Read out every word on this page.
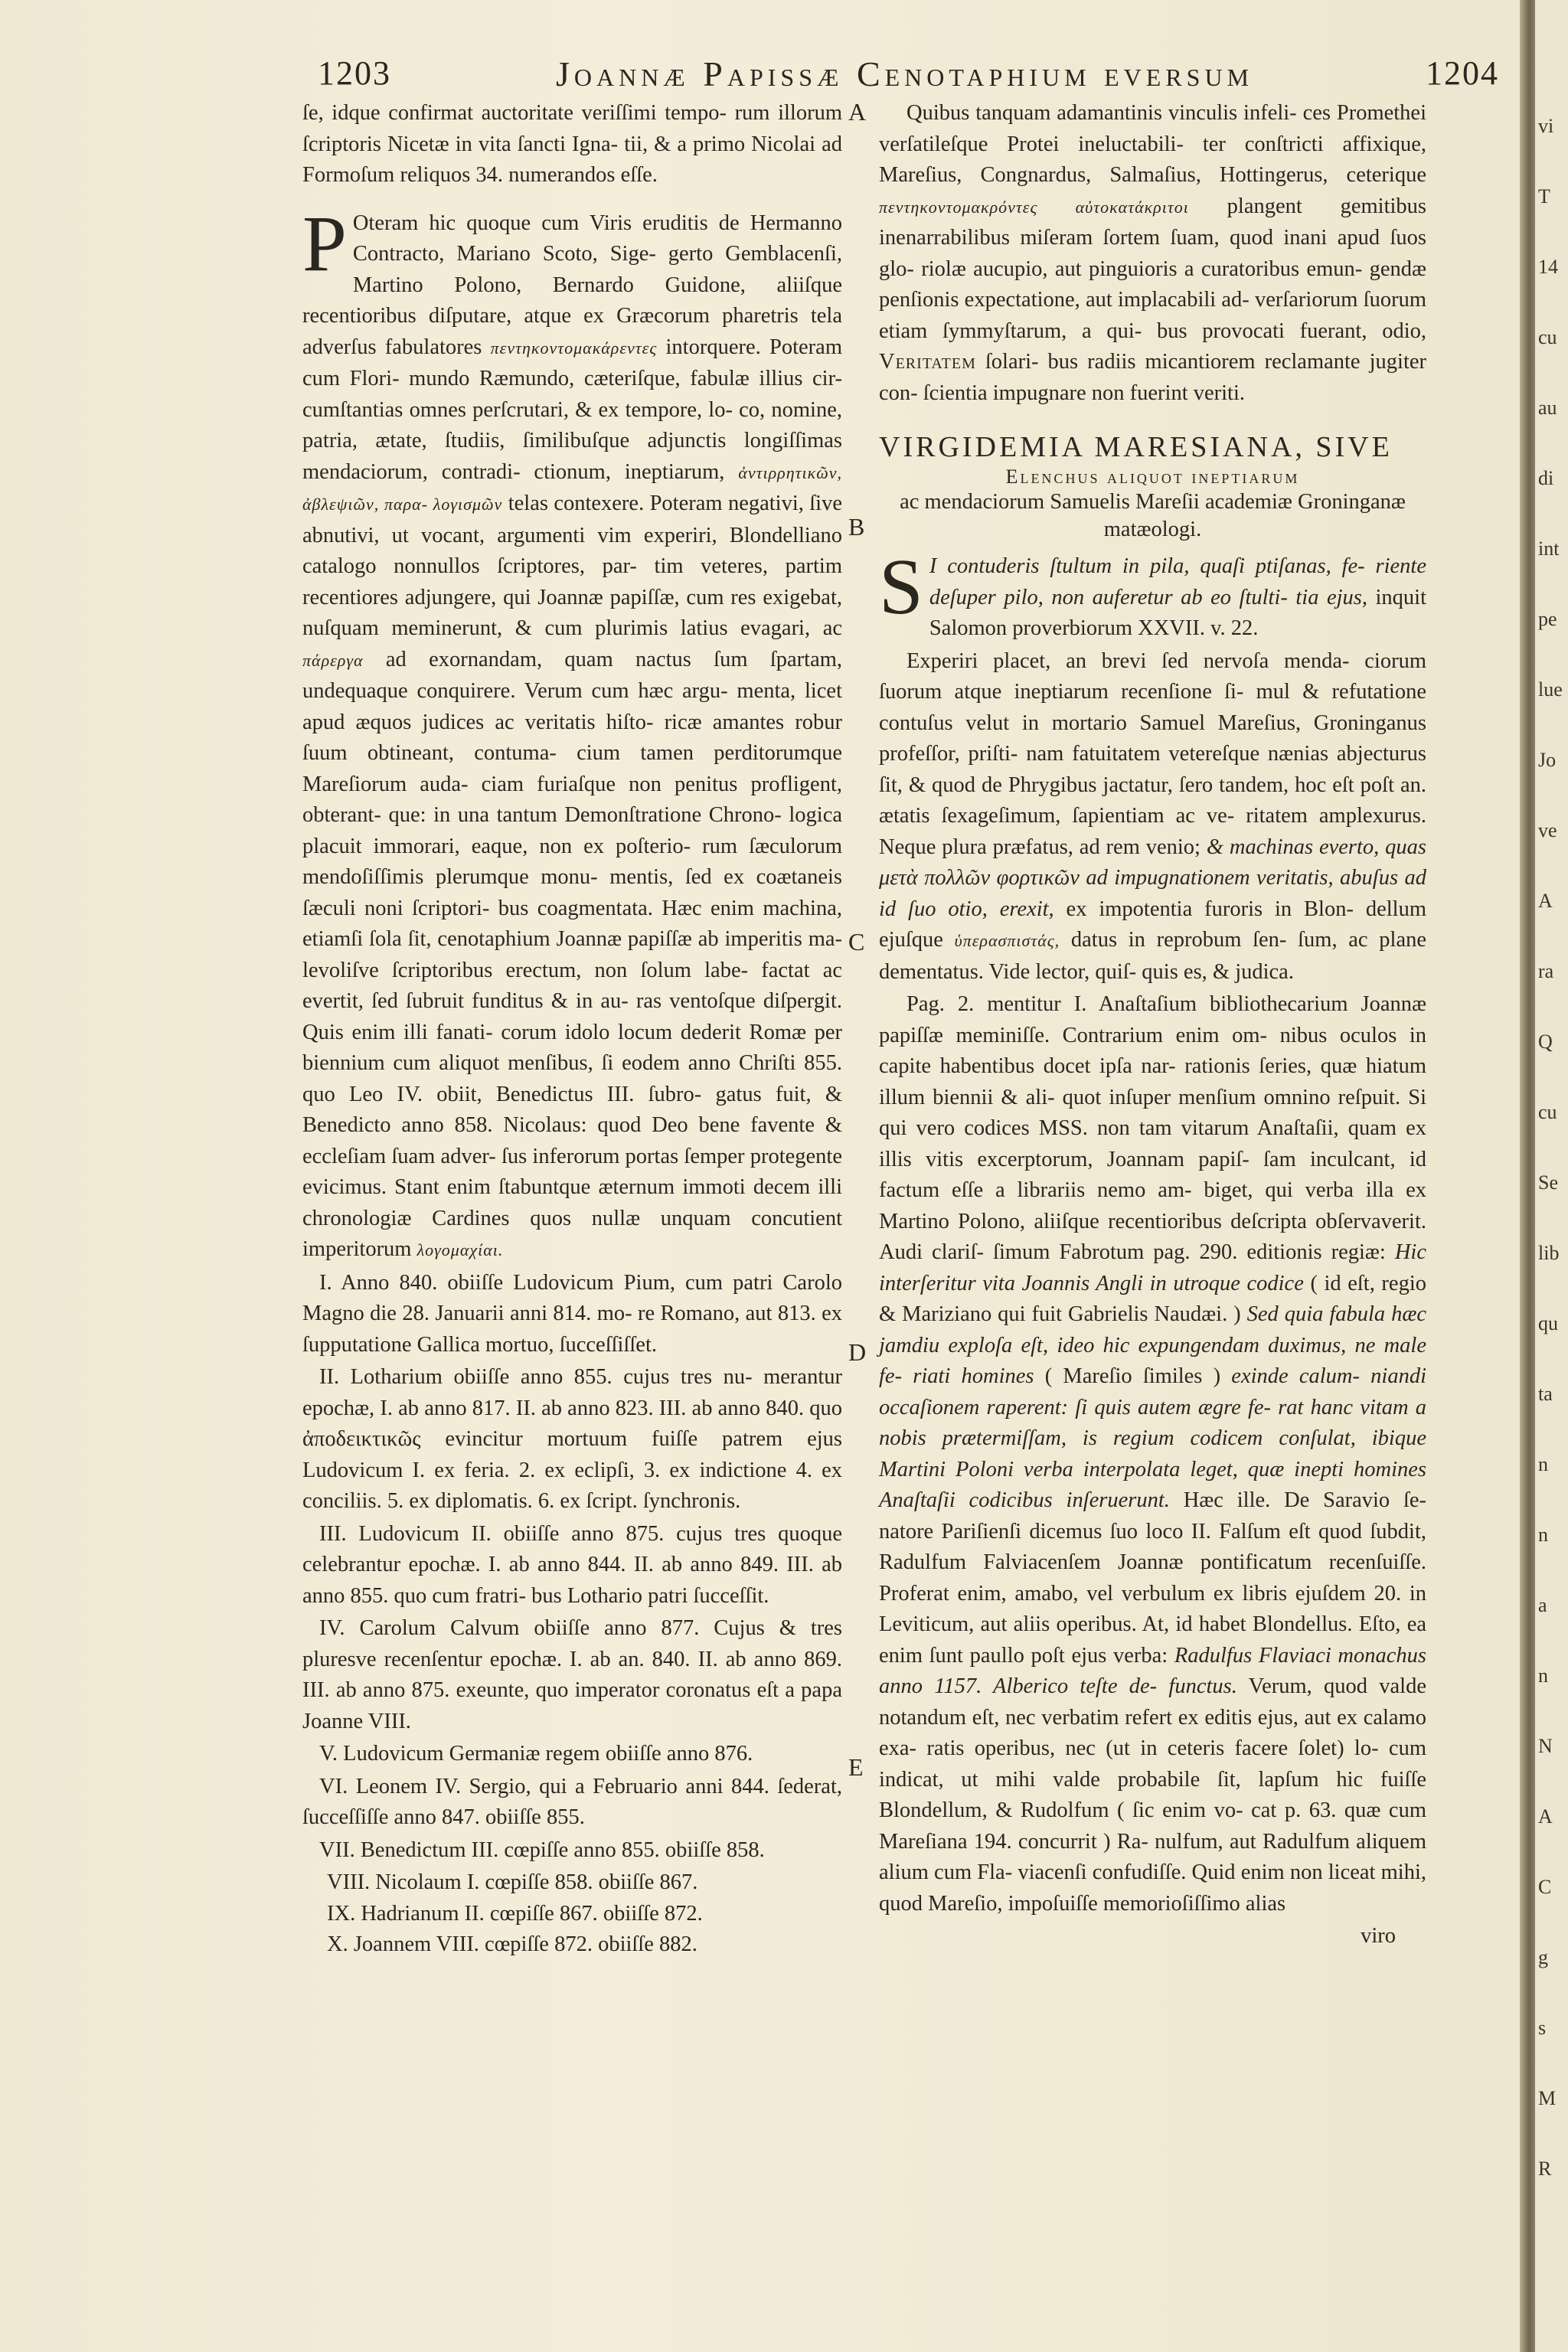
vi
T
14
cu
au
di
int
pe
lue
Jo
ve
A
ra
Q
cu
Se
lib
qu
ta
n
n
a
n
N
A
C
g
s
M
R
1203	Joannæ Papissæ Cenotaphium eversum	1204
A
B
C
D
E

ſe, idque confirmat auctoritate veriſſimi tempo- rum illorum ſcriptoris Nicetæ in vita ſancti Igna- tii, & a primo Nicolai ad Formoſum reliquos 34. numerandos eſſe.

P Oteram hic quoque cum Viris eruditis de Hermanno Contracto, Mariano Scoto, Sige- gerto Gemblacenſi, Martino Polono, Bernardo Guidone, aliiſque recentioribus diſputare, atque ex Græcorum pharetris tela adverſus fabulatores πεντηκοντομακάρεντες intorquere. Poteram cum Flori- mundo Ræmundo, cæteriſque, fabulæ illius cir- cumſtantias omnes perſcrutari, & ex tempore, lo- co, nomine, patria, ætate, ſtudiis, ſimilibuſque adjunctis longiſſimas mendaciorum, contradi- ctionum, ineptiarum, ἀντιρρητικῶν, ἀβλεψιῶν, παρα- λογισμῶν telas contexere. Poteram negativi, ſive abnutivi, ut vocant, argumenti vim experiri, Blondelliano catalogo nonnullos ſcriptores, par- tim veteres, partim recentiores adjungere, qui Joannæ papiſſæ, cum res exigebat, nuſquam meminerunt, & cum plurimis latius evagari, ac πάρεργα ad exornandam, quam nactus ſum ſpartam, undequaque conquirere. Verum cum hæc argu- menta, licet apud æquos judices ac veritatis hiſto- ricæ amantes robur ſuum obtineant, contuma- cium tamen perditorumque Mareſiorum auda- ciam furiaſque non penitus profligent, obterant- que: in una tantum Demonſtratione Chrono- logica placuit immorari, eaque, non ex poſterio- rum ſæculorum mendoſiſſimis plerumque monu- mentis, ſed ex coætaneis ſæculi noni ſcriptori- bus coagmentata. Hæc enim machina, etiamſi ſola ſit, cenotaphium Joannæ papiſſæ ab imperitis ma- levoliſve ſcriptoribus erectum, non ſolum labe- factat ac evertit, ſed ſubruit funditus & in au- ras ventoſque diſpergit. Quis enim illi fanati- corum idolo locum dederit Romæ per biennium cum aliquot menſibus, ſi eodem anno Chriſti 855. quo Leo IV. obiit, Benedictus III. ſubro- gatus fuit, & Benedicto anno 858. Nicolaus: quod Deo bene favente & eccleſiam ſuam adver- ſus inferorum portas ſemper protegente evicimus. Stant enim ſtabuntque æternum immoti decem illi chronologiæ Cardines quos nullæ unquam concutient imperitorum λογομαχίαι.

I. Anno 840. obiiſſe Ludovicum Pium, cum patri Carolo Magno die 28. Januarii anni 814. mo- re Romano, aut 813. ex ſupputatione Gallica mortuo, ſucceſſiſſet.

II. Lotharium obiiſſe anno 855. cujus tres nu- merantur epochæ, I. ab anno 817. II. ab anno 823. III. ab anno 840. quo ἀποδεικτικῶς evincitur mortuum fuiſſe patrem ejus Ludovicum I. ex feria. 2. ex eclipſi, 3. ex indictione 4. ex conciliis. 5. ex diplomatis. 6. ex ſcript. ſynchronis.

III. Ludovicum II. obiiſſe anno 875. cujus tres quoque celebrantur epochæ. I. ab anno 844. II. ab anno 849. III. ab anno 855. quo cum fratri- bus Lothario patri ſucceſſit.

IV. Carolum Calvum obiiſſe anno 877. Cujus & tres pluresve recenſentur epochæ. I. ab an. 840. II. ab anno 869. III. ab anno 875. exeunte, quo imperator coronatus eſt a papa Joanne VIII.

V. Ludovicum Germaniæ regem obiiſſe anno 876.

VI. Leonem IV. Sergio, qui a Februario anni 844. ſederat, ſucceſſiſſe anno 847. obiiſſe 855.

VII. Benedictum III. cœpiſſe anno 855. obiiſſe 858.

VIII. Nicolaum I. cœpiſſe 858. obiiſſe 867.

IX. Hadrianum II. cœpiſſe 867. obiiſſe 872.

X. Joannem VIII. cœpiſſe 872. obiiſſe 882.

Quibus tanquam adamantinis vinculis infeli- ces Promethei verſatileſque Protei ineluctabili- ter conſtricti affixique, Mareſius, Congnardus, Salmaſius, Hottingerus, ceterique πεντηκοντομακρόντες αὐτοκατάκριτοι plangent gemitibus inenarrabilibus miſeram ſortem ſuam, quod inani apud ſuos glo- riolæ aucupio, aut pinguioris a curatoribus emun- gendæ penſionis expectatione, aut implacabili ad- verſariorum ſuorum etiam ſymmyſtarum, a qui- bus provocati fuerant, odio, Veritatem ſolari- bus radiis micantiorem reclamante jugiter con- ſcientia impugnare non fuerint veriti.

VIRGIDEMIA MARESIANA, SIVE
Elenchus aliquot ineptiarum
ac mendaciorum Samuelis Mareſii academiæ Groninganæ matæologi.

S I contuderis ſtultum in pila, quaſi ptiſanas, fe- riente deſuper pilo, non auferetur ab eo ſtulti- tia ejus, inquit Salomon proverbiorum XXVII. v. 22.

Experiri placet, an brevi ſed nervoſa menda- ciorum ſuorum atque ineptiarum recenſione ſi- mul & refutatione contuſus velut in mortario Samuel Mareſius, Groninganus profeſſor, priſti- nam fatuitatem vetereſque nænias abjecturus ſit, & quod de Phrygibus jactatur, ſero tandem, hoc eſt poſt an. ætatis ſexageſimum, ſapientiam ac ve- ritatem amplexurus. Neque plura præfatus, ad rem venio; & machinas everto, quas μετὰ πολλῶν φορτικῶν ad impugnationem veritatis, abuſus ad id ſuo otio, erexit, ex impotentia furoris in Blon- dellum ejuſque ὑπερασπιστάς, datus in reprobum ſen- ſum, ac plane dementatus. Vide lector, quiſ- quis es, & judica.

Pag. 2. mentitur I. Anaſtaſium bibliothecarium Joannæ papiſſæ meminiſſe. Contrarium enim om- nibus oculos in capite habentibus docet ipſa nar- rationis ſeries, quæ hiatum illum biennii & ali- quot inſuper menſium omnino reſpuit. Si qui vero codices MSS. non tam vitarum Anaſtaſii, quam ex illis vitis excerptorum, Joannam papiſ- ſam inculcant, id factum eſſe a librariis nemo am- biget, qui verba illa ex Martino Polono, aliiſque recentioribus deſcripta obſervaverit. Audi clariſ- ſimum Fabrotum pag. 290. editionis regiæ: Hic interſeritur vita Joannis Angli in utroque codice ( id eſt, regio & Mariziano qui fuit Gabrielis Naudæi. ) Sed quia fabula hæc jamdiu exploſa eſt, ideo hic expungendam duximus, ne male fe- riati homines ( Mareſio ſimiles ) exinde calum- niandi occaſionem raperent: ſi quis autem ægre fe- rat hanc vitam a nobis prætermiſſam, is regium codicem conſulat, ibique Martini Poloni verba interpolata leget, quæ inepti homines Anaſtaſii codicibus inſeruerunt. Hæc ille. De Saravio ſe- natore Pariſienſi dicemus ſuo loco II. Falſum eſt quod ſubdit, Radulfum Falviacenſem Joannæ pontificatum recenſuiſſe. Proferat enim, amabo, vel verbulum ex libris ejuſdem 20. in Leviticum, aut aliis operibus. At, id habet Blondellus. Eſto, ea enim ſunt paullo poſt ejus verba: Radulfus Flaviaci monachus anno 1157. Alberico teſte de- functus. Verum, quod valde notandum eſt, nec verbatim refert ex editis ejus, aut ex calamo exa- ratis operibus, nec (ut in ceteris facere ſolet) lo- cum indicat, ut mihi valde probabile ſit, lapſum hic fuiſſe Blondellum, & Rudolfum ( ſic enim vo- cat p. 63. quæ cum Mareſiana 194. concurrit ) Ra- nulfum, aut Radulfum aliquem alium cum Fla- viacenſi confudiſſe. Quid enim non liceat mihi, quod Mareſio, impoſuiſſe memorioſiſſimo alias

viro
